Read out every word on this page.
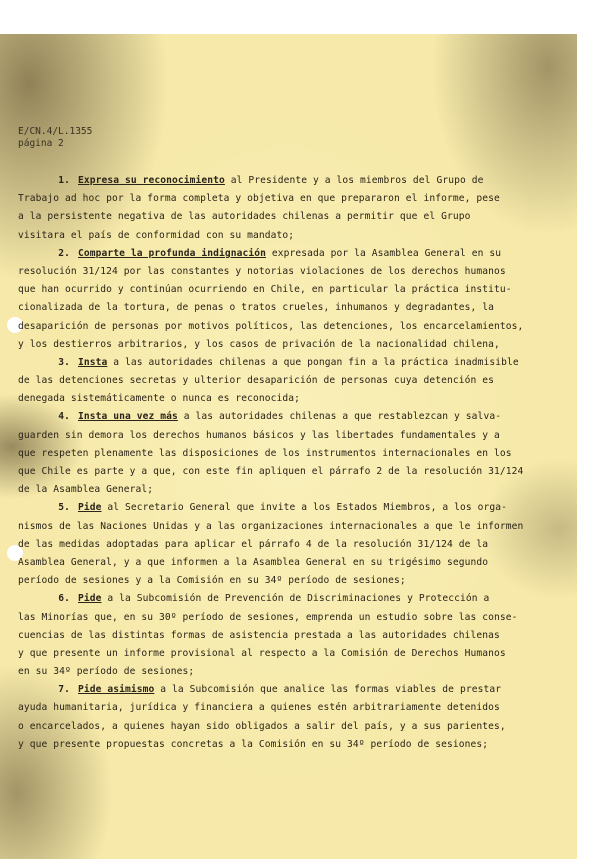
E/CN.4/L.1355
página 2
1. Expresa su reconocimiento al Presidente y a los miembros del Grupo de
Trabajo ad hoc por la forma completa y objetiva en que prepararon el informe, pese
a la persistente negativa de las autoridades chilenas a permitir que el Grupo
visitara el país de conformidad con su mandato;
2. Comparte la profunda indignación expresada por la Asamblea General en su
resolución 31/124 por las constantes y notorias violaciones de los derechos humanos
que han ocurrido y continúan ocurriendo en Chile, en particular la práctica institu-
cionalizada de la tortura, de penas o tratos crueles, inhumanos y degradantes, la
desaparición de personas por motivos políticos, las detenciones, los encarcelamientos,
y los destierros arbitrarios, y los casos de privación de la nacionalidad chilena,
3. Insta a las autoridades chilenas a que pongan fin a la práctica inadmisible
de las detenciones secretas y ulterior desaparición de personas cuya detención es
denegada sistemáticamente o nunca es reconocida;
4. Insta una vez más a las autoridades chilenas a que restablezcan y salva-
guarden sin demora los derechos humanos básicos y las libertades fundamentales y a
que respeten plenamente las disposiciones de los instrumentos internacionales en los
que Chile es parte y a que, con este fin apliquen el párrafo 2 de la resolución 31/124
de la Asamblea General;
5. Pide al Secretario General que invite a los Estados Miembros, a los orga-
nismos de las Naciones Unidas y a las organizaciones internacionales a que le informen
de las medidas adoptadas para aplicar el párrafo 4 de la resolución 31/124 de la
Asamblea General, y a que informen a la Asamblea General en su trigésimo segundo
período de sesiones y a la Comisión en su 34º período de sesiones;
6. Pide a la Subcomisión de Prevención de Discriminaciones y Protección a
las Minorías que, en su 30º período de sesiones, emprenda un estudio sobre las conse-
cuencias de las distintas formas de asistencia prestada a las autoridades chilenas
y que presente un informe provisional al respecto a la Comisión de Derechos Humanos
en su 34º período de sesiones;
7. Pide asimismo a la Subcomisión que analice las formas viables de prestar
ayuda humanitaria, jurídica y financiera a quienes estén arbitrariamente detenidos
o encarcelados, a quienes hayan sido obligados a salir del país, y a sus parientes,
y que presente propuestas concretas a la Comisión en su 34º período de sesiones;
